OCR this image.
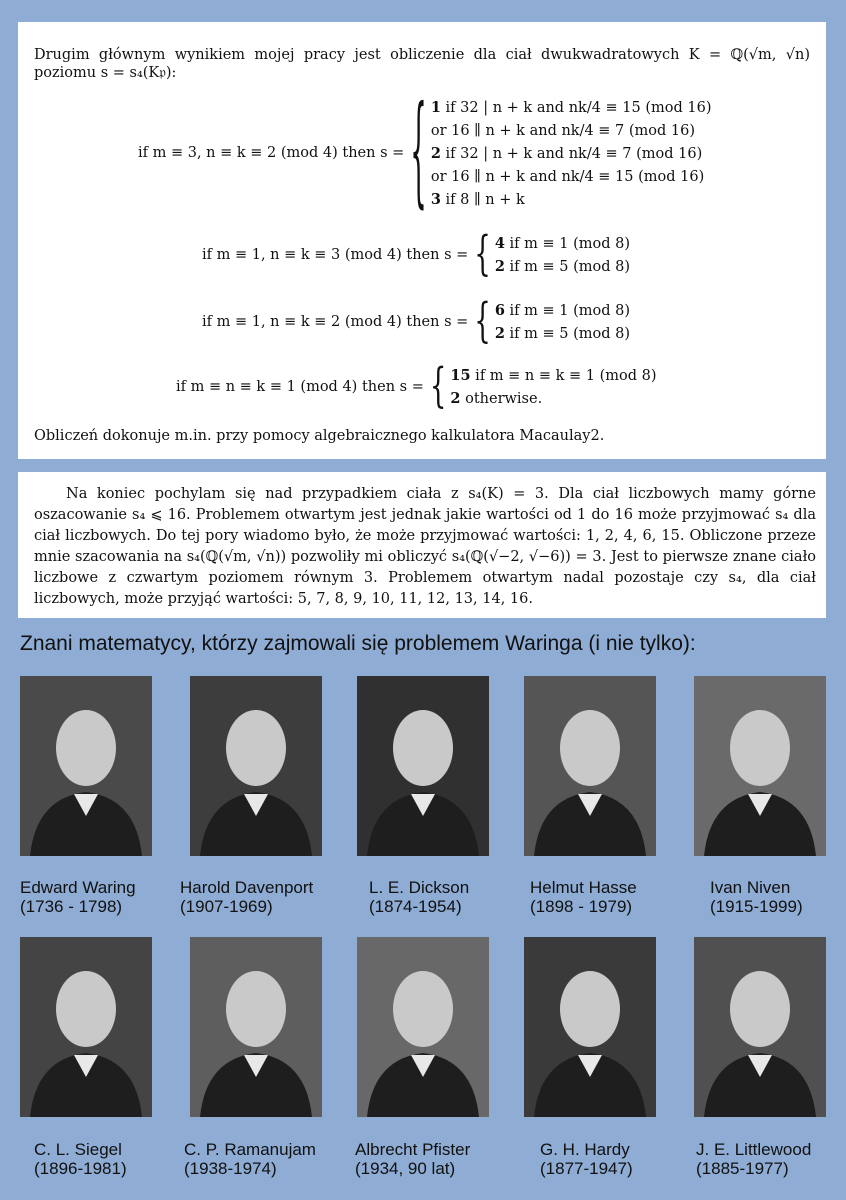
Drugim głównym wynikiem mojej pracy jest obliczenie dla ciał dwukwadratowych K = ℚ(√m, √n) poziomu s = s₄(K𝔭):
if m ≡ 3, n ≡ k ≡ 2 (mod 4) then s = { 1 if 32 | n + k and nk/4 ≡ 15 (mod 16)
or 16 ∥ n + k and nk/4 ≡ 7 (mod 16)
2 if 32 | n + k and nk/4 ≡ 7 (mod 16)
or 16 ∥ n + k and nk/4 ≡ 15 (mod 16)
3 if 8 ∥ n + k
if m ≡ 1, n ≡ k ≡ 3 (mod 4) then s = { 4 if m ≡ 1 (mod 8)
2 if m ≡ 5 (mod 8)
if m ≡ 1, n ≡ k ≡ 2 (mod 4) then s = { 6 if m ≡ 1 (mod 8)
2 if m ≡ 5 (mod 8)
if m ≡ n ≡ k ≡ 1 (mod 4) then s = { 15 if m ≡ n ≡ k ≡ 1 (mod 8)
2 otherwise.
Obliczeń dokonuje m.in. przy pomocy algebraicznego kalkulatora Macaulay2.
Na koniec pochylam się nad przypadkiem ciała z s₄(K) = 3. Dla ciał liczbowych mamy górne oszacowanie s₄ ⩽ 16. Problemem otwartym jest jednak jakie wartości od 1 do 16 może przyjmować s₄ dla ciał liczbowych. Do tej pory wiadomo było, że może przyjmować wartości: 1, 2, 4, 6, 15. Obliczone przeze mnie szacowania na s₄(ℚ(√m, √n)) pozwoliły mi obliczyć s₄(ℚ(√−2, √−6)) = 3. Jest to pierwsze znane ciało liczbowe z czwartym poziomem równym 3. Problemem otwartym nadal pozostaje czy s₄, dla ciał liczbowych, może przyjąć wartości: 5, 7, 8, 9, 10, 11, 12, 13, 14, 16.
Znani matematycy, którzy zajmowali się problemem Waringa (i nie tylko):
Edward Waring
(1736 - 1798)
Harold Davenport
(1907-1969)
L. E. Dickson
(1874-1954)
Helmut Hasse
(1898 - 1979)
Ivan Niven
(1915-1999)
C. L. Siegel
(1896-1981)
C. P. Ramanujam
(1938-1974)
Albrecht Pfister
(1934, 90 lat)
G. H. Hardy
(1877-1947)
J. E. Littlewood
(1885-1977)
